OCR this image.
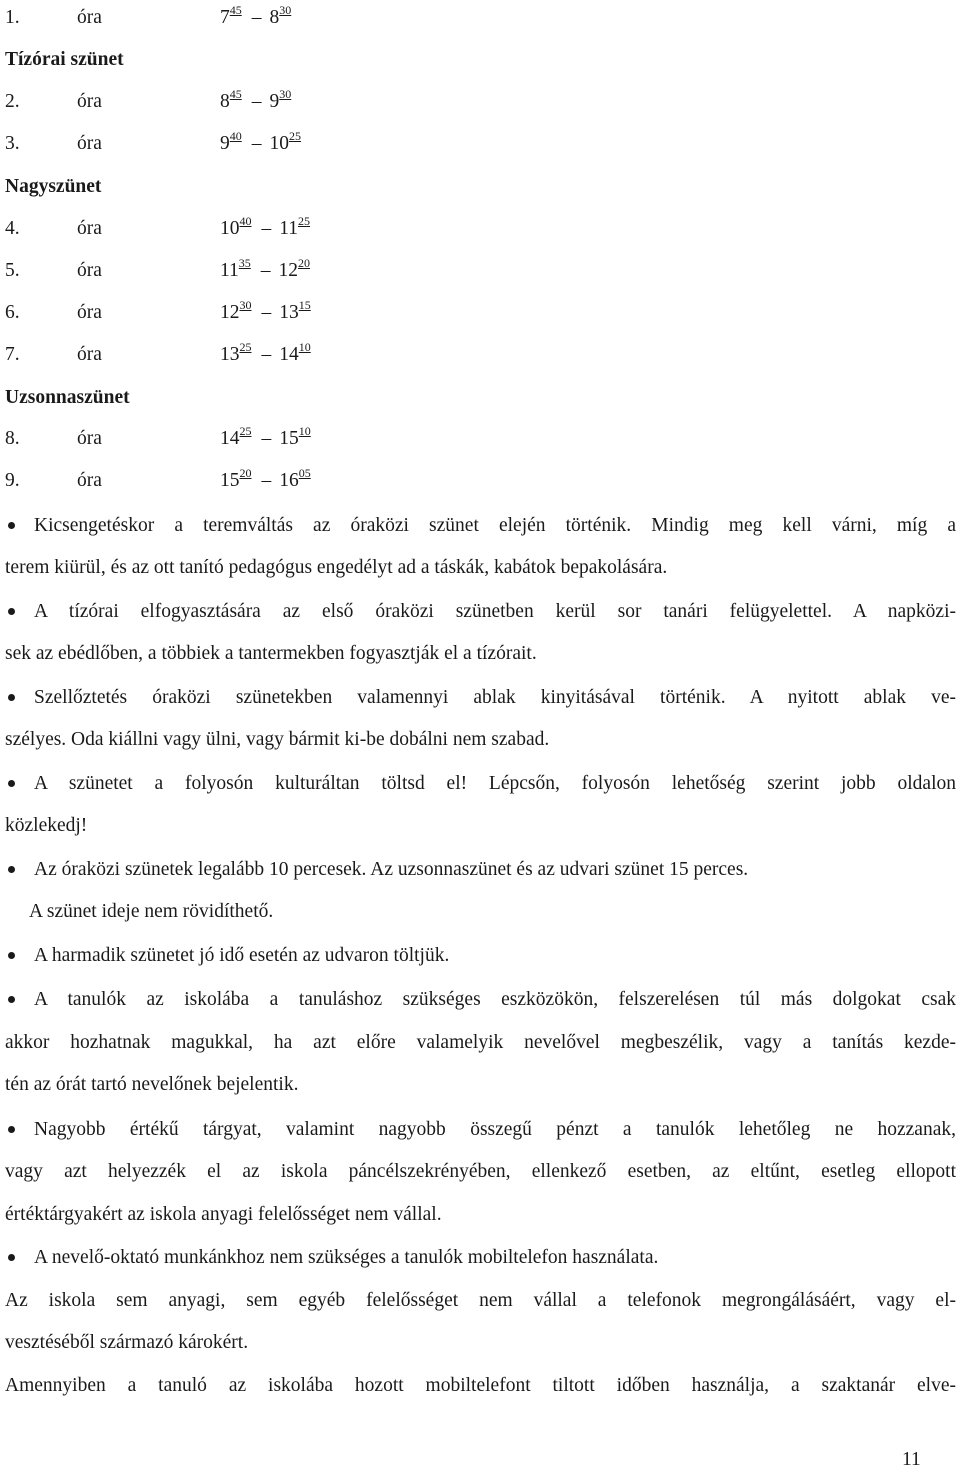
1.	óra	$7^{45} - 8^{30}$
Tízórai szünet
2.	óra	$8^{45} - 9^{30}$
3.	óra	$9^{40} - 10^{25}$
Nagyszünet
4.	óra	$10^{40} - 11^{25}$
5.	óra	$11^{35} - 12^{20}$
6.	óra	$12^{30} - 13^{15}$
7.	óra	$13^{25} - 14^{10}$
Uzsonnaszünet
8.	óra	$14^{25} - 15^{10}$
9.	óra	$15^{20} - 16^{05}$
Kicsengetéskor a teremváltás az óraközi szünet elején történik. Mindig meg kell várni, míg a
terem kiürül, és az ott tanító pedagógus engedélyt ad a táskák, kabátok bepakolására.
A tízórai elfogyasztására az első óraközi szünetben kerül sor tanári felügyelettel. A napközi-
sek az ebédlőben, a többiek a tantermekben fogyasztják el a tízórait.
Szellőztetés óraközi szünetekben valamennyi ablak kinyitásával történik. A nyitott ablak ve-
szélyes. Oda kiállni vagy ülni, vagy bármit ki-be dobálni nem szabad.
A szünetet a folyosón kulturáltan töltsd el! Lépcsőn, folyosón lehetőség szerint jobb oldalon
közlekedj!
Az óraközi szünetek legalább 10 percesek. Az uzsonnaszünet és az udvari szünet 15 perces.
A szünet ideje nem rövidíthető.
A harmadik szünetet jó idő esetén az udvaron töltjük.
A tanulók az iskolába a tanuláshoz szükséges eszközökön, felszerelésen túl más dolgokat csak
akkor hozhatnak magukkal, ha azt előre valamelyik nevelővel megbeszélik, vagy a tanítás kezde-
tén az órát tartó nevelőnek bejelentik.
Nagyobb értékű tárgyat, valamint nagyobb összegű pénzt a tanulók lehetőleg ne hozzanak,
vagy azt helyezzék el az iskola páncélszekrényében, ellenkező esetben, az eltűnt, esetleg ellopott
értéktárgyakért az iskola anyagi felelősséget nem vállal.
A nevelő-oktató munkánkhoz nem szükséges a tanulók mobiltelefon használata.
Az iskola sem anyagi, sem egyéb felelősséget nem vállal a telefonok megrongálásáért, vagy el-
vesztéséből származó károkért.
Amennyiben a tanuló az iskolába hozott mobiltelefont tiltott időben használja, a szaktanár elve-
11
